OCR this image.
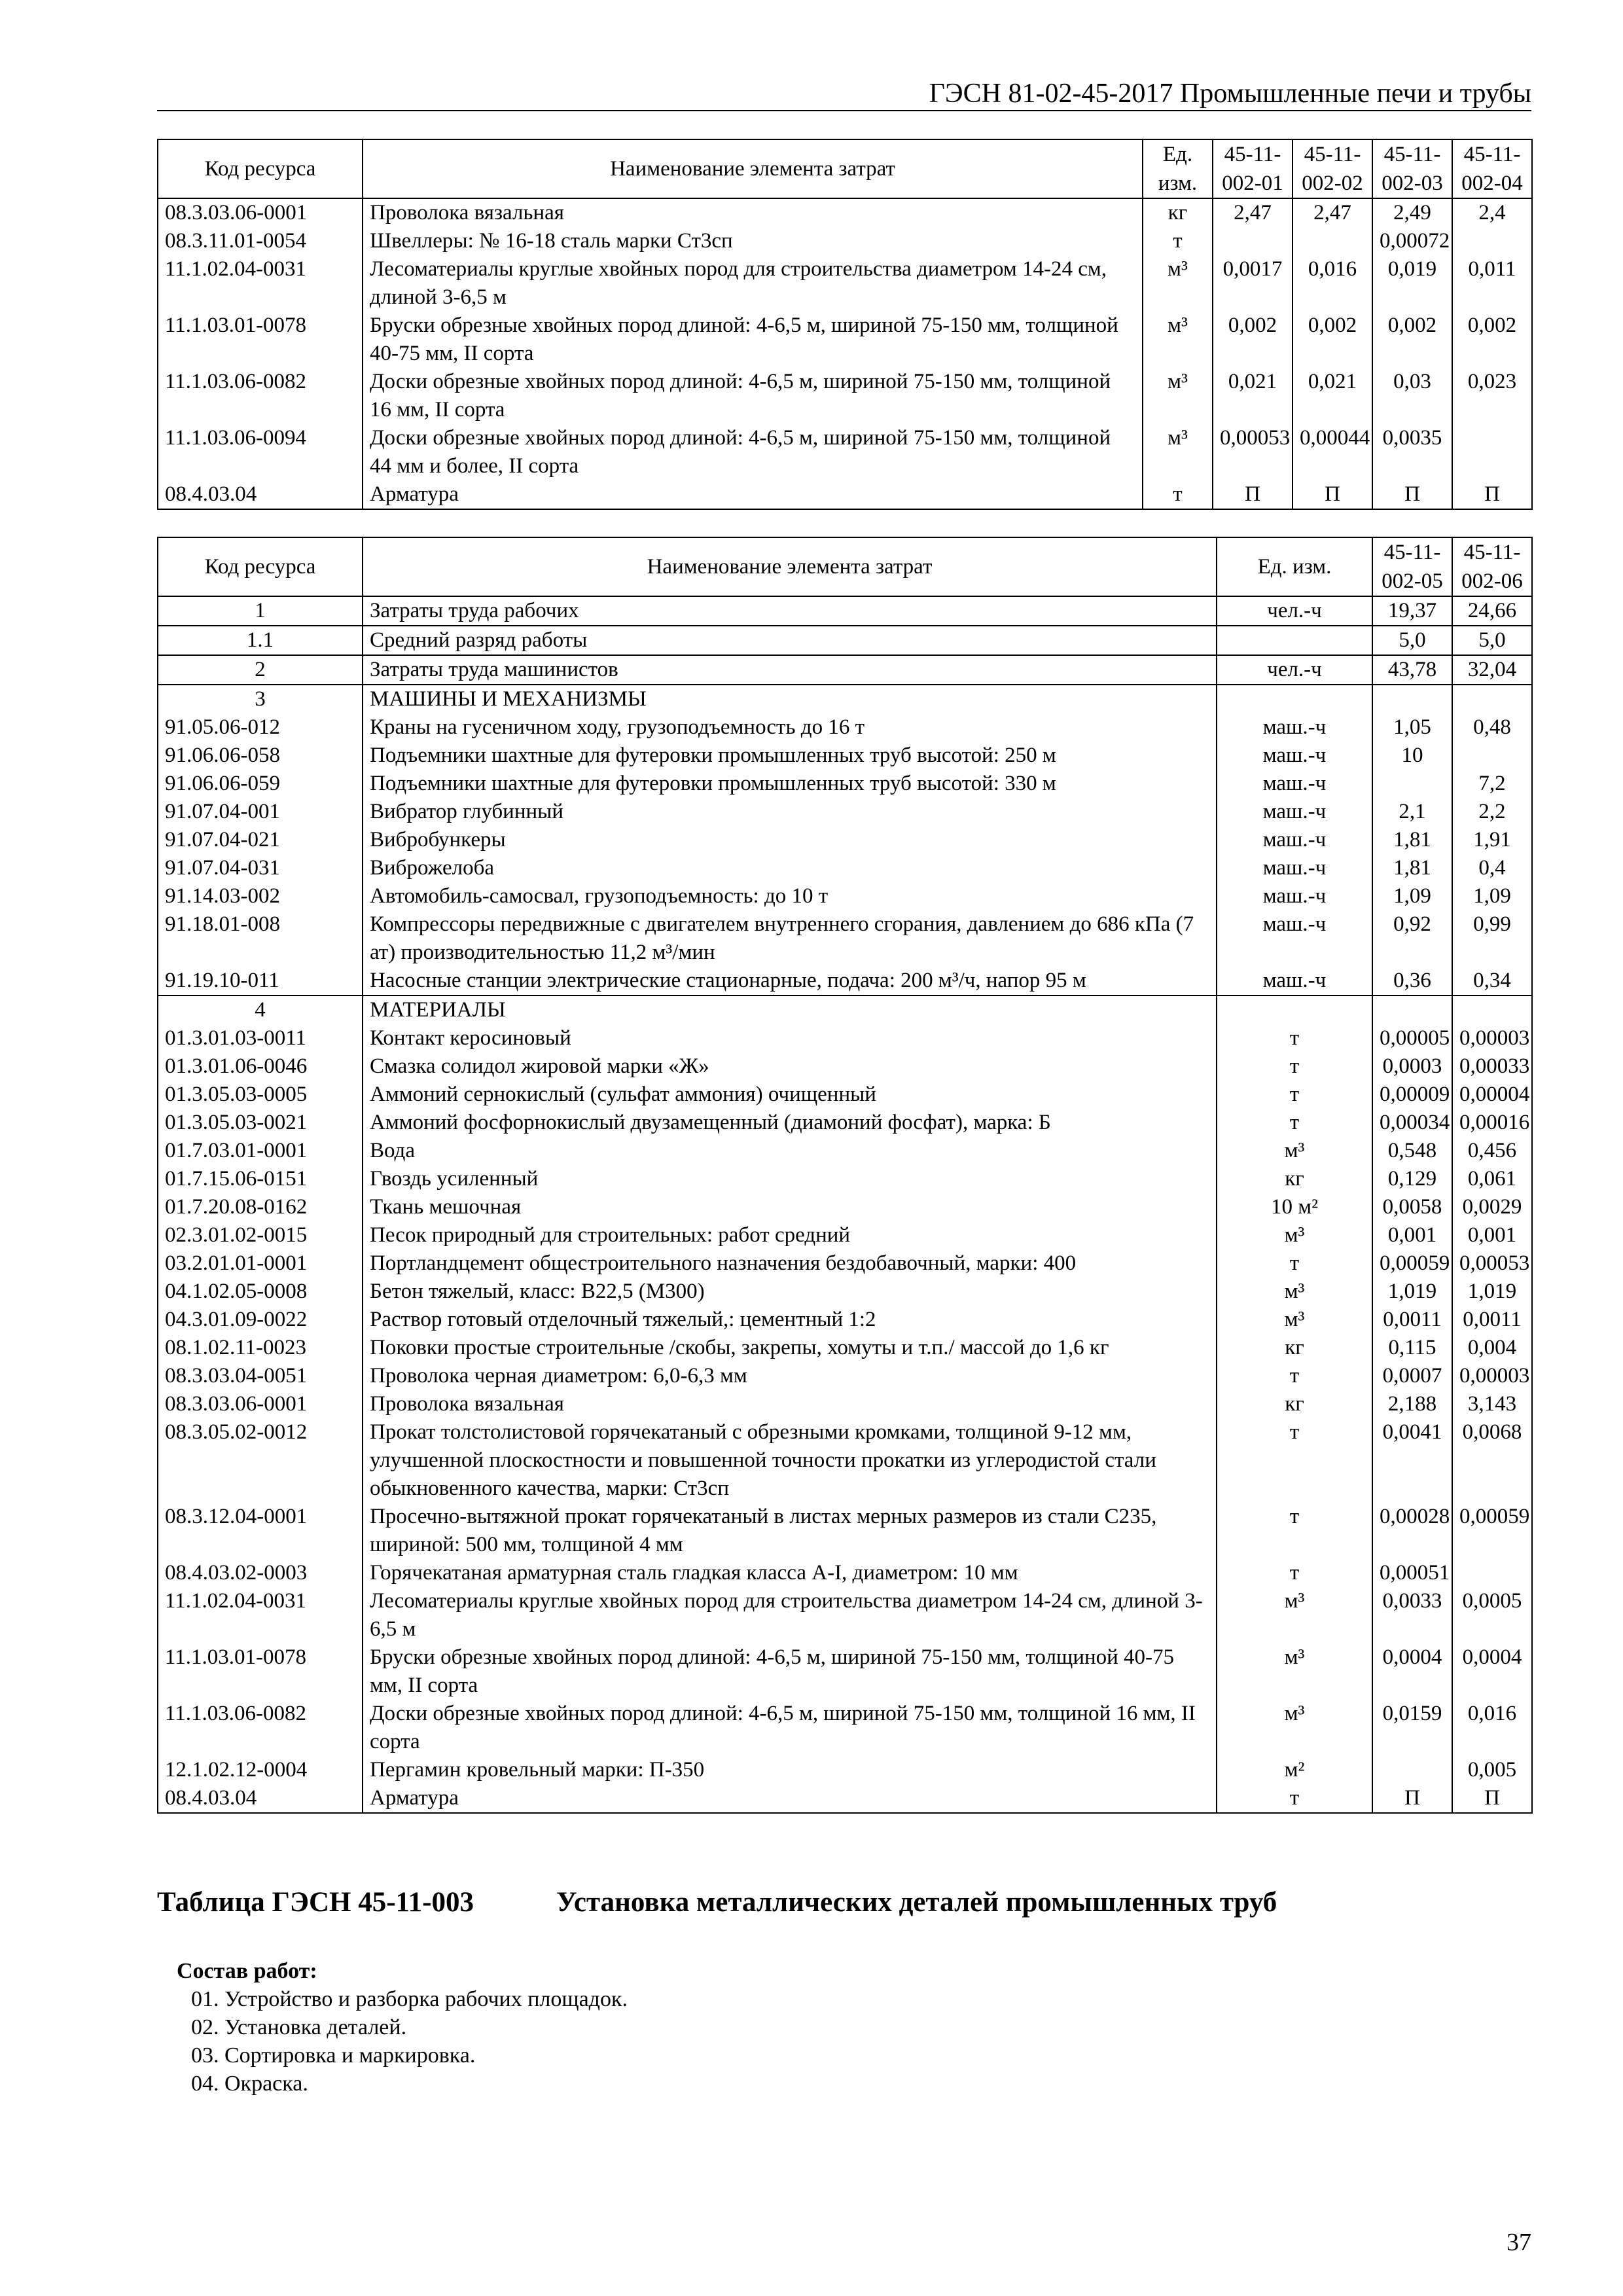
ГЭСН 81-02-45-2017 Промышленные печи и трубы
Код ресурса	Наименование элемента затрат	Ед. изм.	45-11-002-01	45-11-002-02	45-11-002-03	45-11-002-04
08.3.03.06-0001	Проволока вязальная	кг	2,47	2,47	2,49	2,4
08.3.11.01-0054	Швеллеры: № 16-18 сталь марки Ст3сп	т			0,00072	
11.1.02.04-0031	Лесоматериалы круглые хвойных пород для строительства диаметром 14-24 см, длиной 3-6,5 м	м³	0,0017	0,016	0,019	0,011
11.1.03.01-0078	Бруски обрезные хвойных пород длиной: 4-6,5 м, шириной 75-150 мм, толщиной 40-75 мм, II сорта	м³	0,002	0,002	0,002	0,002
11.1.03.06-0082	Доски обрезные хвойных пород длиной: 4-6,5 м, шириной 75-150 мм, толщиной 16 мм, II сорта	м³	0,021	0,021	0,03	0,023
11.1.03.06-0094	Доски обрезные хвойных пород длиной: 4-6,5 м, шириной 75-150 мм, толщиной 44 мм и более, II сорта	м³	0,00053	0,00044	0,0035	
08.4.03.04	Арматура	т	П	П	П	П
Код ресурса	Наименование элемента затрат	Ед. изм.	45-11-002-05	45-11-002-06
1	Затраты труда рабочих	чел.-ч	19,37	24,66
1.1	Средний разряд работы		5,0	5,0
2	Затраты труда машинистов	чел.-ч	43,78	32,04
3	МАШИНЫ И МЕХАНИЗМЫ			
91.05.06-012	Краны на гусеничном ходу, грузоподъемность до 16 т	маш.-ч	1,05	0,48
91.06.06-058	Подъемники шахтные для футеровки промышленных труб высотой: 250 м	маш.-ч	10	
91.06.06-059	Подъемники шахтные для футеровки промышленных труб высотой: 330 м	маш.-ч		7,2
91.07.04-001	Вибратор глубинный	маш.-ч	2,1	2,2
91.07.04-021	Вибробункеры	маш.-ч	1,81	1,91
91.07.04-031	Виброжелоба	маш.-ч	1,81	0,4
91.14.03-002	Автомобиль-самосвал, грузоподъемность: до 10 т	маш.-ч	1,09	1,09
91.18.01-008	Компрессоры передвижные с двигателем внутреннего сгорания, давлением до 686 кПа (7 ат) производительностью 11,2 м³/мин	маш.-ч	0,92	0,99
91.19.10-011	Насосные станции электрические стационарные, подача: 200 м³/ч, напор 95 м	маш.-ч	0,36	0,34
4	МАТЕРИАЛЫ			
01.3.01.03-0011	Контакт керосиновый	т	0,00005	0,00003
01.3.01.06-0046	Смазка солидол жировой марки «Ж»	т	0,0003	0,00033
01.3.05.03-0005	Аммоний сернокислый (сульфат аммония) очищенный	т	0,00009	0,00004
01.3.05.03-0021	Аммоний фосфорнокислый двузамещенный (диамоний фосфат), марка: Б	т	0,00034	0,00016
01.7.03.01-0001	Вода	м³	0,548	0,456
01.7.15.06-0151	Гвоздь усиленный	кг	0,129	0,061
01.7.20.08-0162	Ткань мешочная	10 м²	0,0058	0,0029
02.3.01.02-0015	Песок природный для строительных: работ средний	м³	0,001	0,001
03.2.01.01-0001	Портландцемент общестроительного назначения бездобавочный, марки: 400	т	0,00059	0,00053
04.1.02.05-0008	Бетон тяжелый, класс: В22,5 (М300)	м³	1,019	1,019
04.3.01.09-0022	Раствор готовый отделочный тяжелый,: цементный 1:2	м³	0,0011	0,0011
08.1.02.11-0023	Поковки простые строительные /скобы, закрепы, хомуты и т.п./ массой до 1,6 кг	кг	0,115	0,004
08.3.03.04-0051	Проволока черная диаметром: 6,0-6,3 мм	т	0,0007	0,00003
08.3.03.06-0001	Проволока вязальная	кг	2,188	3,143
08.3.05.02-0012	Прокат толстолистовой горячекатаный с обрезными кромками, толщиной 9-12 мм, улучшенной плоскостности и повышенной точности прокатки из углеродистой стали обыкновенного качества, марки: Ст3сп	т	0,0041	0,0068
08.3.12.04-0001	Просечно-вытяжной прокат горячекатаный в листах мерных размеров из стали С235, шириной: 500 мм, толщиной 4 мм	т	0,00028	0,00059
08.4.03.02-0003	Горячекатаная арматурная сталь гладкая класса А-I, диаметром: 10 мм	т	0,00051	
11.1.02.04-0031	Лесоматериалы круглые хвойных пород для строительства диаметром 14-24 см, длиной 3-6,5 м	м³	0,0033	0,0005
11.1.03.01-0078	Бруски обрезные хвойных пород длиной: 4-6,5 м, шириной 75-150 мм, толщиной 40-75 мм, II сорта	м³	0,0004	0,0004
11.1.03.06-0082	Доски обрезные хвойных пород длиной: 4-6,5 м, шириной 75-150 мм, толщиной 16 мм, II сорта	м³	0,0159	0,016
12.1.02.12-0004	Пергамин кровельный марки: П-350	м²		0,005
08.4.03.04	Арматура	т	П	П
Таблица ГЭСН 45-11-003	Установка металлических деталей промышленных труб
Состав работ:
01. Устройство и разборка рабочих площадок.
02. Установка деталей.
03. Сортировка и маркировка.
04. Окраска.
37
